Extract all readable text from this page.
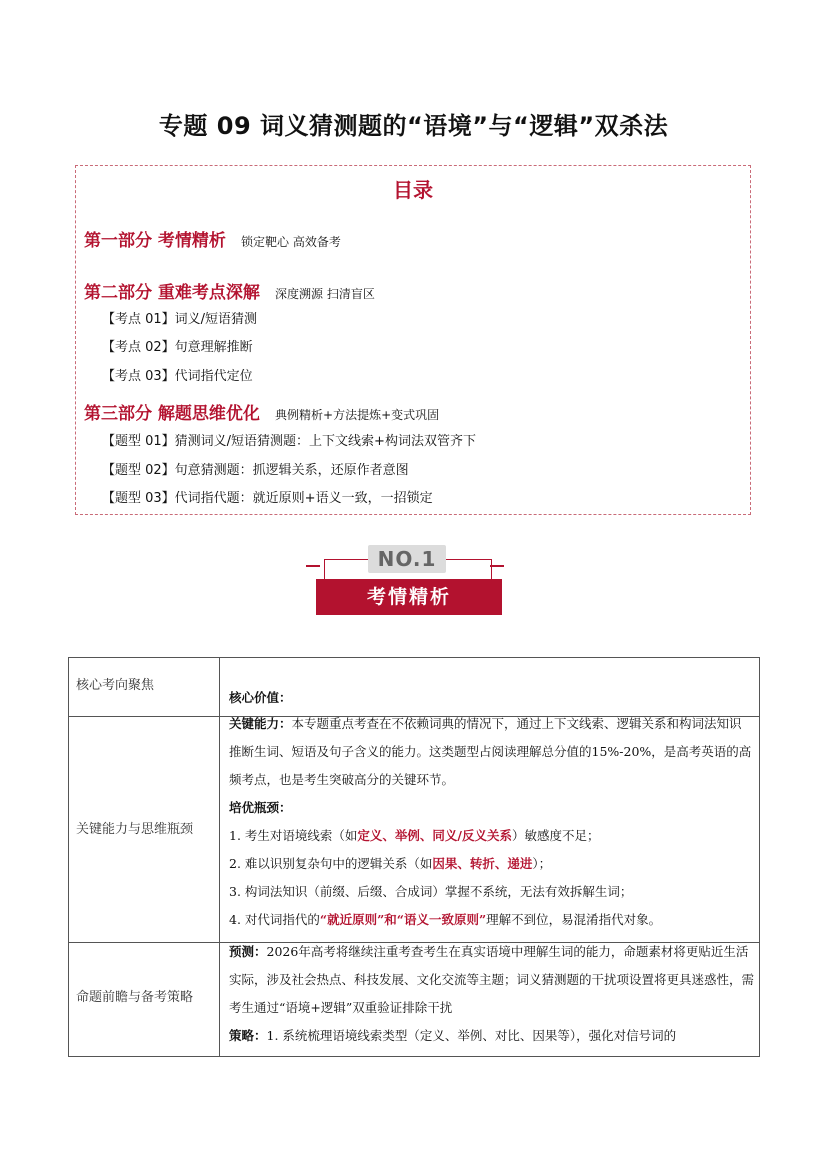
专题 09 词义猜测题的“语境”与“逻辑”双杀法
目录
第一部分 考情精析 锁定靶心 高效备考
第二部分 重难考点深解 深度溯源 扫清盲区
【考点 01】词义/短语猜测
【考点 02】句意理解推断
【考点 03】代词指代定位
第三部分 解题思维优化 典例精析+方法提炼+变式巩固
【题型 01】猜测词义/短语猜测题：上下文线索+构词法双管齐下
【题型 02】句意猜测题：抓逻辑关系，还原作者意图
【题型 03】代词指代题：就近原则+语义一致，一招锁定
NO.1
考情精析
核心考向聚焦
核心价值：
关键能力与思维瓶颈
关键能力：本专题重点考查在不依赖词典的情况下，通过上下文线索、逻辑关系和构词法知识推断生词、短语及句子含义的能力。这类题型占阅读理解总分值的15%-20%，是高考英语的高频考点，也是考生突破高分的关键环节。
培优瓶颈：
1. 考生对语境线索（如定义、举例、同义/反义关系）敏感度不足；
2. 难以识别复杂句中的逻辑关系（如因果、转折、递进）；
3. 构词法知识（前缀、后缀、合成词）掌握不系统，无法有效拆解生词；
4. 对代词指代的“就近原则”和“语义一致原则”理解不到位，易混淆指代对象。
命题前瞻与备考策略
预测：2026年高考将继续注重考查考生在真实语境中理解生词的能力，命题素材将更贴近生活实际，涉及社会热点、科技发展、文化交流等主题；词义猜测题的干扰项设置将更具迷惑性，需考生通过“语境+逻辑”双重验证排除干扰
策略：1. 系统梳理语境线索类型（定义、举例、对比、因果等），强化对信号词的
